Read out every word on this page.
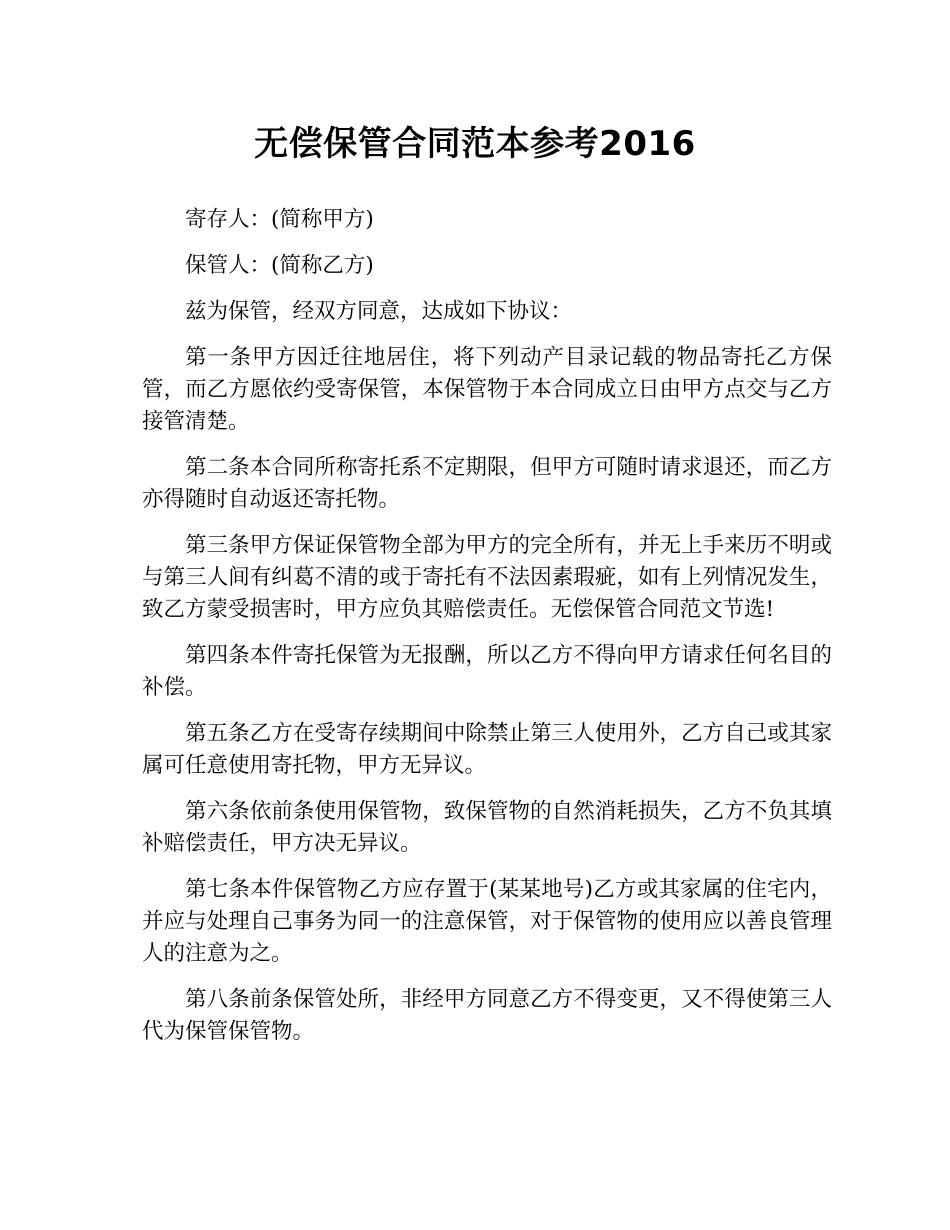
无偿保管合同范本参考2016

寄存人：(简称甲方)

保管人：(简称乙方)

兹为保管，经双方同意，达成如下协议：

第一条甲方因迁往地居住，将下列动产目录记载的物品寄托乙方保管，而乙方愿依约受寄保管，本保管物于本合同成立日由甲方点交与乙方接管清楚。

第二条本合同所称寄托系不定期限，但甲方可随时请求退还，而乙方亦得随时自动返还寄托物。

第三条甲方保证保管物全部为甲方的完全所有，并无上手来历不明或与第三人间有纠葛不清的或于寄托有不法因素瑕疵，如有上列情况发生，致乙方蒙受损害时，甲方应负其赔偿责任。无偿保管合同范文节选!

第四条本件寄托保管为无报酬，所以乙方不得向甲方请求任何名目的补偿。

第五条乙方在受寄存续期间中除禁止第三人使用外，乙方自己或其家属可任意使用寄托物，甲方无异议。

第六条依前条使用保管物，致保管物的自然消耗损失，乙方不负其填补赔偿责任，甲方决无异议。

第七条本件保管物乙方应存置于(某某地号)乙方或其家属的住宅内，并应与处理自己事务为同一的注意保管，对于保管物的使用应以善良管理人的注意为之。

第八条前条保管处所，非经甲方同意乙方不得变更，又不得使第三人代为保管保管物。
